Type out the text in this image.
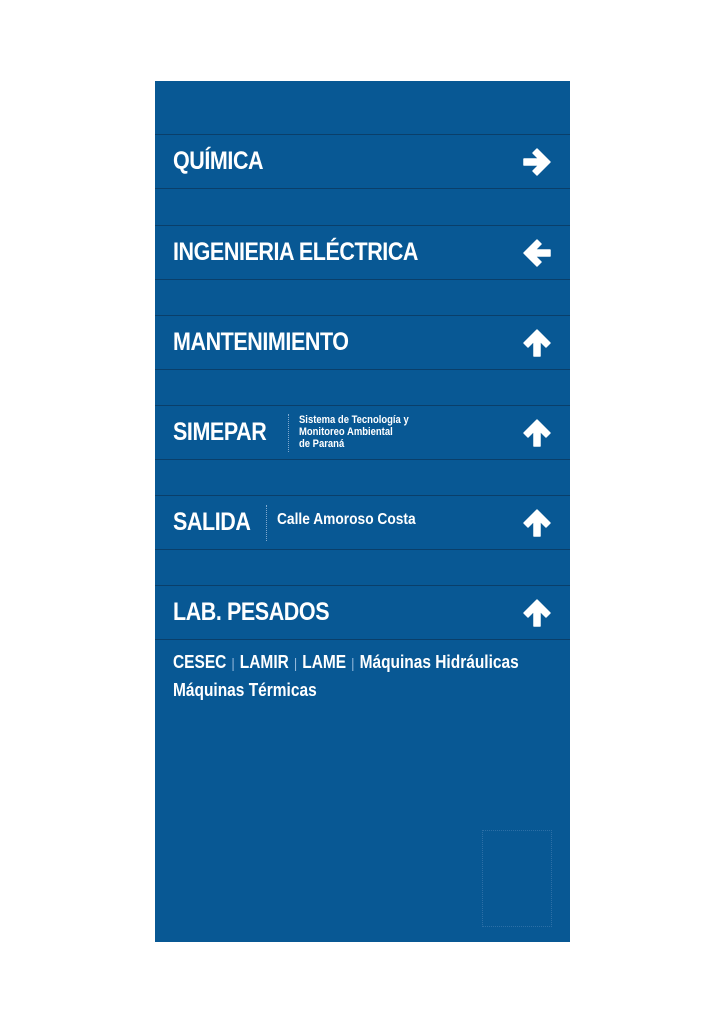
QUÍMICA
INGENIERIA ELÉCTRICA
MANTENIMIENTO
SIMEPAR	Sistema de Tecnología y
Monitoreo Ambiental
de Paraná
SALIDA Calle Amoroso Costa
LAB. PESADOS
CESEC | LAMIR | LAME | Máquinas Hidráulicas
Máquinas Térmicas
